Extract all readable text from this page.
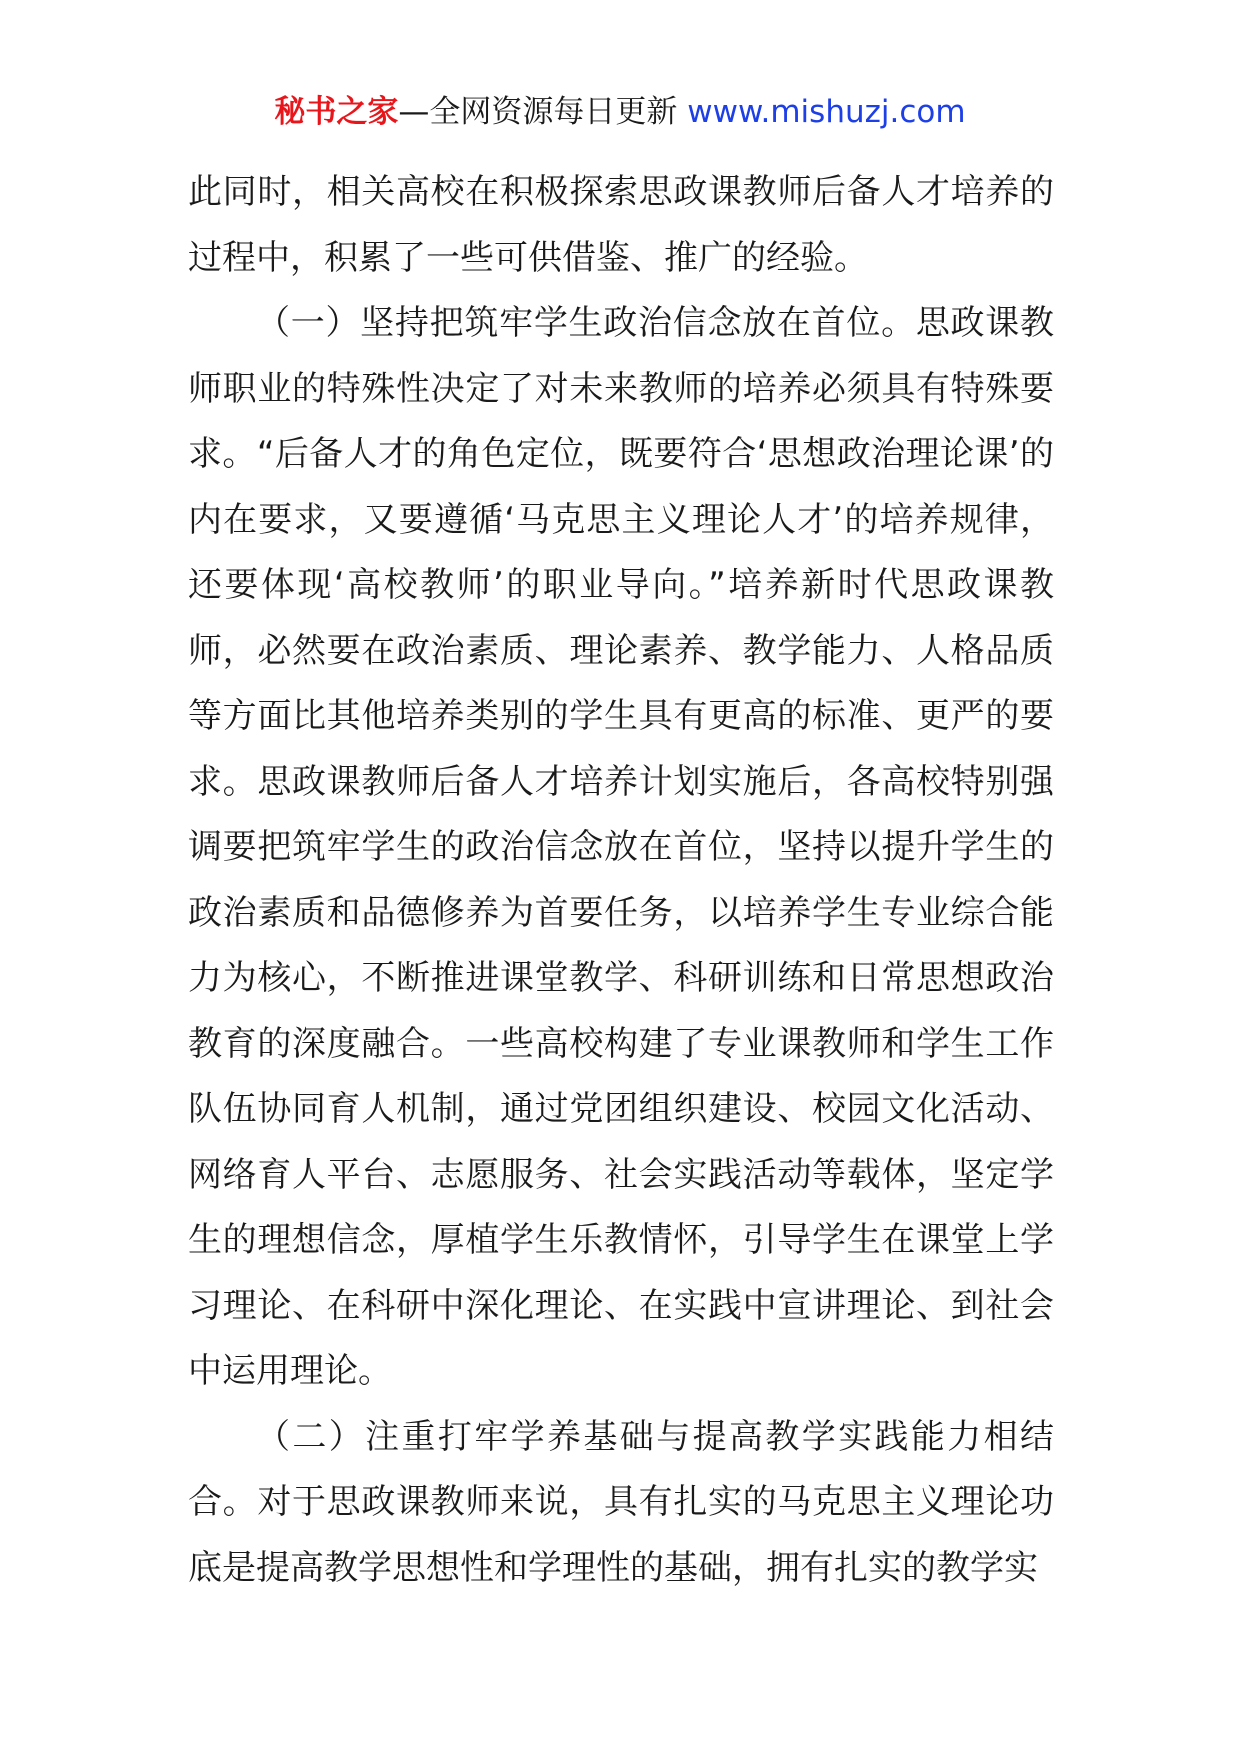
秘书之家—全网资源每日更新 www.mishuzj.com

此同时，相关高校在积极探索思政课教师后备人才培养的过程中，积累了一些可供借鉴、推广的经验。

（一）坚持把筑牢学生政治信念放在首位。思政课教师职业的特殊性决定了对未来教师的培养必须具有特殊要求。“后备人才的角色定位，既要符合‘思想政治理论课’的内在要求，又要遵循‘马克思主义理论人才’的培养规律，还要体现‘高校教师’的职业导向。”培养新时代思政课教师，必然要在政治素质、理论素养、教学能力、人格品质等方面比其他培养类别的学生具有更高的标准、更严的要求。思政课教师后备人才培养计划实施后，各高校特别强调要把筑牢学生的政治信念放在首位，坚持以提升学生的政治素质和品德修养为首要任务，以培养学生专业综合能力为核心，不断推进课堂教学、科研训练和日常思想政治教育的深度融合。一些高校构建了专业课教师和学生工作队伍协同育人机制，通过党团组织建设、校园文化活动、网络育人平台、志愿服务、社会实践活动等载体，坚定学生的理想信念，厚植学生乐教情怀，引导学生在课堂上学习理论、在科研中深化理论、在实践中宣讲理论、到社会中运用理论。

（二）注重打牢学养基础与提高教学实践能力相结合。对于思政课教师来说，具有扎实的马克思主义理论功底是提高教学思想性和学理性的基础，拥有扎实的教学实
